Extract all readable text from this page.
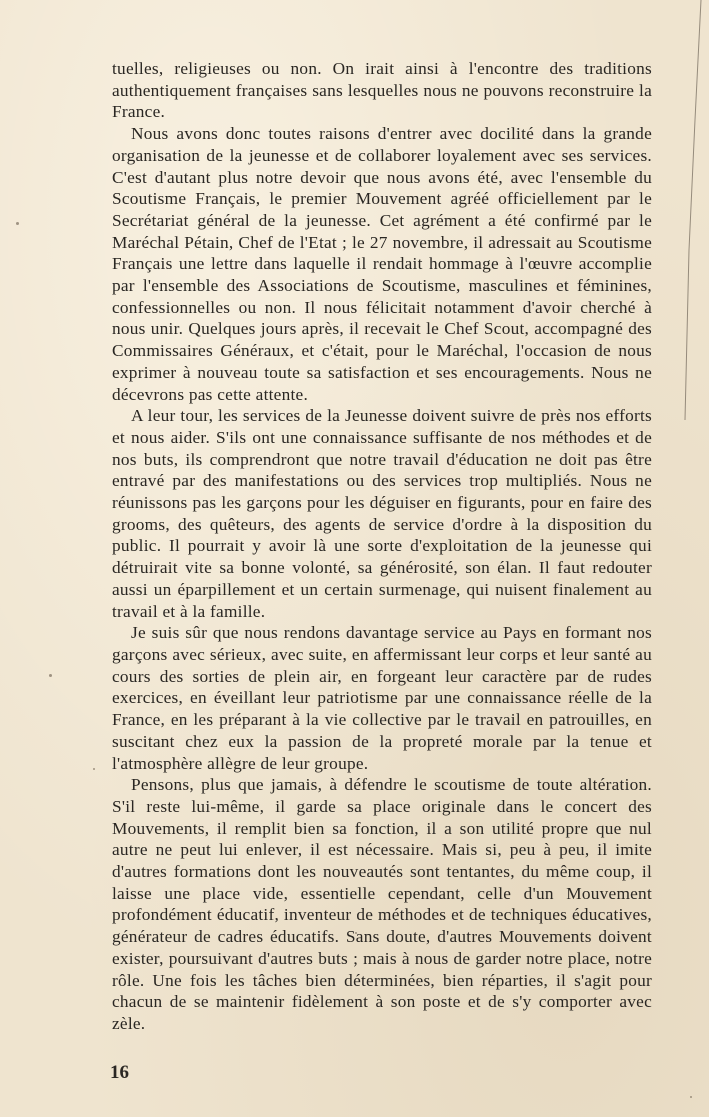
tuelles, religieuses ou non. On irait ainsi à l'encontre des traditions authentiquement françaises sans lesquelles nous ne pouvons reconstruire la France.

Nous avons donc toutes raisons d'entrer avec docilité dans la grande organisation de la jeunesse et de collaborer loyalement avec ses services. C'est d'autant plus notre devoir que nous avons été, avec l'ensemble du Scoutisme Français, le premier Mouvement agréé officiellement par le Secrétariat général de la jeunesse. Cet agrément a été confirmé par le Maréchal Pétain, Chef de l'Etat ; le 27 novembre, il adressait au Scoutisme Français une lettre dans laquelle il rendait hommage à l'œuvre accomplie par l'ensemble des Associations de Scoutisme, masculines et féminines, confessionnelles ou non. Il nous félicitait notamment d'avoir cherché à nous unir. Quelques jours après, il recevait le Chef Scout, accompagné des Commissaires Généraux, et c'était, pour le Maréchal, l'occasion de nous exprimer à nouveau toute sa satisfaction et ses encouragements. Nous ne décevrons pas cette attente.

A leur tour, les services de la Jeunesse doivent suivre de près nos efforts et nous aider. S'ils ont une connaissance suffisante de nos méthodes et de nos buts, ils comprendront que notre travail d'éducation ne doit pas être entravé par des manifestations ou des services trop multipliés. Nous ne réunissons pas les garçons pour les déguiser en figurants, pour en faire des grooms, des quêteurs, des agents de service d'ordre à la disposition du public. Il pourrait y avoir là une sorte d'exploitation de la jeunesse qui détruirait vite sa bonne volonté, sa générosité, son élan. Il faut redouter aussi un éparpillement et un certain surmenage, qui nuisent finalement au travail et à la famille.

Je suis sûr que nous rendons davantage service au Pays en formant nos garçons avec sérieux, avec suite, en affermissant leur corps et leur santé au cours des sorties de plein air, en forgeant leur caractère par de rudes exercices, en éveillant leur patriotisme par une connaissance réelle de la France, en les préparant à la vie collective par le travail en patrouilles, en suscitant chez eux la passion de la propreté morale par la tenue et l'atmosphère allègre de leur groupe.

Pensons, plus que jamais, à défendre le scoutisme de toute altération. S'il reste lui-même, il garde sa place originale dans le concert des Mouvements, il remplit bien sa fonction, il a son utilité propre que nul autre ne peut lui enlever, il est nécessaire. Mais si, peu à peu, il imite d'autres formations dont les nouveautés sont tentantes, du même coup, il laisse une place vide, essentielle cependant, celle d'un Mouvement profondément éducatif, inventeur de méthodes et de techniques éducatives, générateur de cadres éducatifs. Sans doute, d'autres Mouvements doivent exister, poursuivant d'autres buts ; mais à nous de garder notre place, notre rôle. Une fois les tâches bien déterminées, bien réparties, il s'agit pour chacun de se maintenir fidèlement à son poste et de s'y comporter avec zèle.

16
